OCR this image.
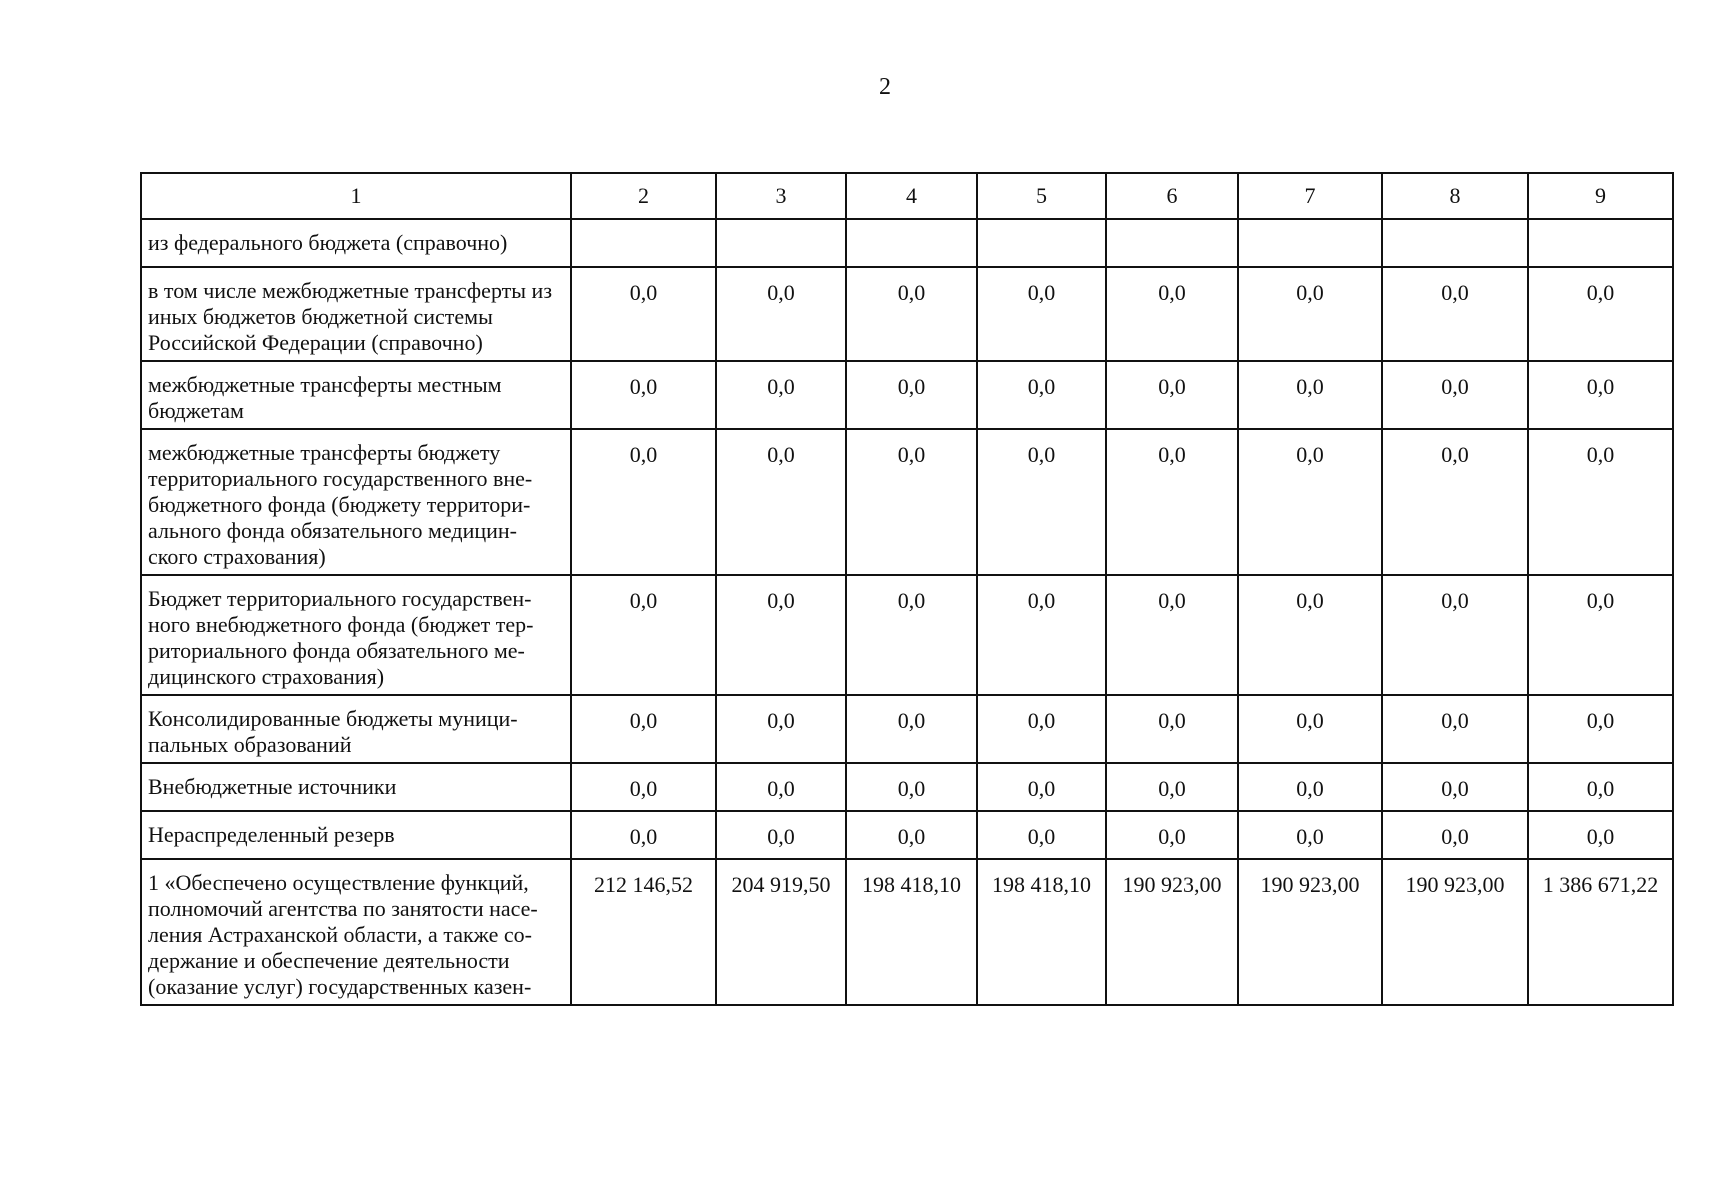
2
1	2	3	4	5	6	7	8	9
из федерального бюджета (справочно)								
в том числе межбюджетные трансферты из иных бюджетов бюджетной системы Российской Федерации (справочно)	0,0	0,0	0,0	0,0	0,0	0,0	0,0	0,0
межбюджетные трансферты местным бюджетам	0,0	0,0	0,0	0,0	0,0	0,0	0,0	0,0
межбюджетные трансферты бюджету территориального государственного вне-бюджетного фонда (бюджету территори-ального фонда обязательного медицин-ского страхования)	0,0	0,0	0,0	0,0	0,0	0,0	0,0	0,0
Бюджет территориального государствен-ного внебюджетного фонда (бюджет тер-риториального фонда обязательного ме-дицинского страхования)	0,0	0,0	0,0	0,0	0,0	0,0	0,0	0,0
Консолидированные бюджеты муници-пальных образований	0,0	0,0	0,0	0,0	0,0	0,0	0,0	0,0
Внебюджетные источники	0,0	0,0	0,0	0,0	0,0	0,0	0,0	0,0
Нераспределенный резерв	0,0	0,0	0,0	0,0	0,0	0,0	0,0	0,0
1 «Обеспечено осуществление функций, полномочий агентства по занятости насе-ления Астраханской области, а также со-держание и обеспечение деятельности (оказание услуг) государственных казен-	212 146,52	204 919,50	198 418,10	198 418,10	190 923,00	190 923,00	190 923,00	1 386 671,22
